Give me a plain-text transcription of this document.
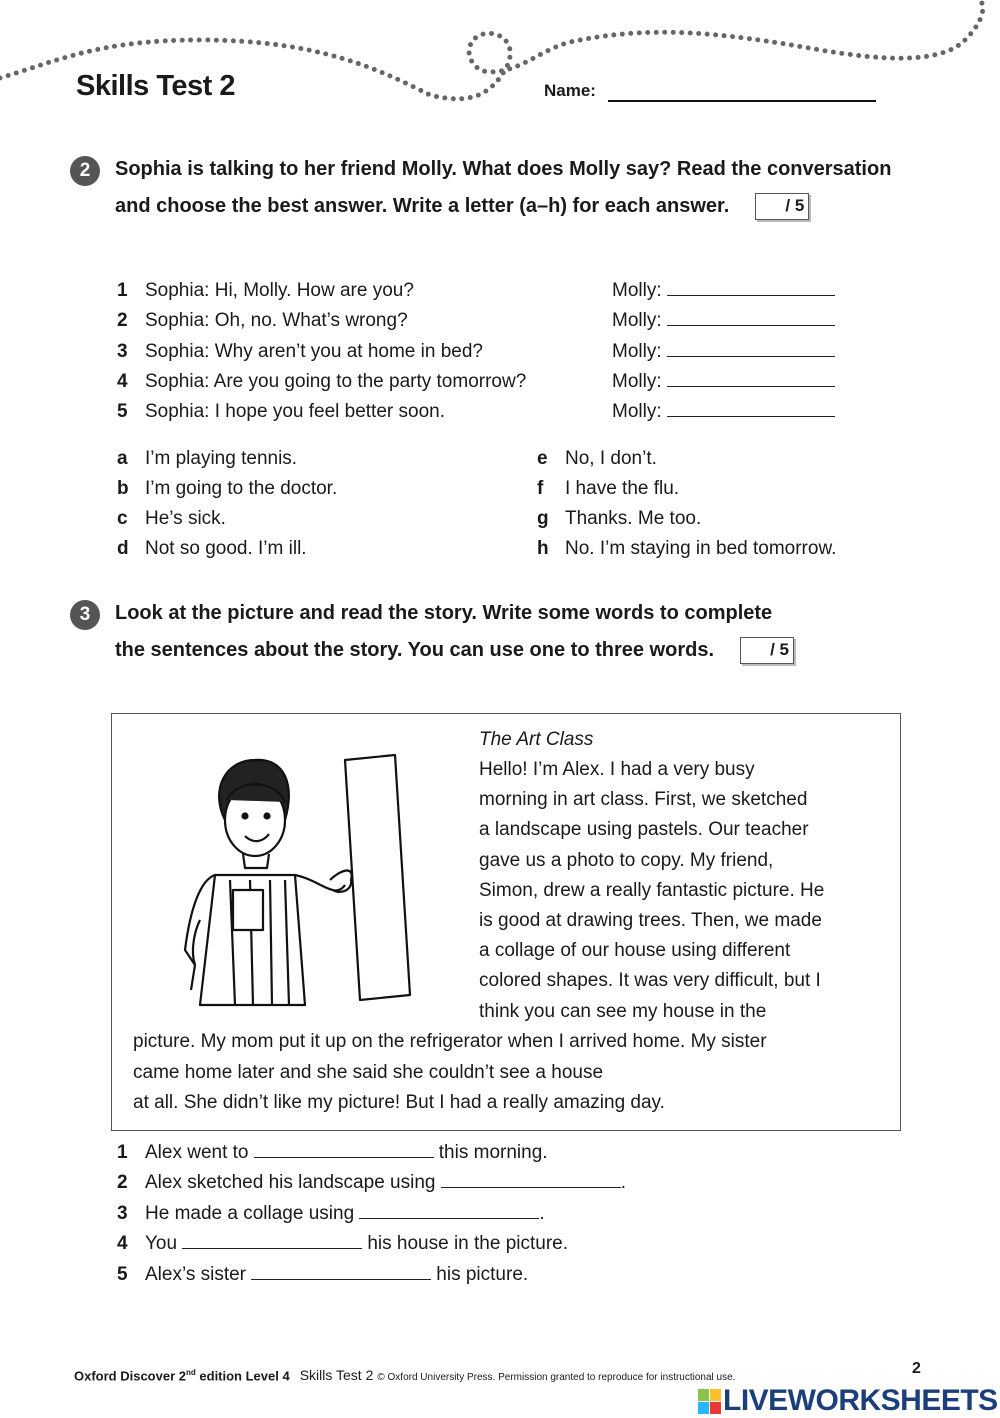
Skills Test 2	Name:
2	Sophia is talking to her friend Molly. What does Molly say? Read the conversation and choose the best answer. Write a letter (a–h) for each answer.	/ 5
3	Look at the picture and read the story. Write some words to complete the sentences about the story. You can use one to three words.	/ 5
The Art Class
Oxford Discover 2nd edition Level 4 Skills Test 2 © Oxford University Press. Permission granted to reproduce for instructional use.
2
LIVEWORKSHEETS
1 Sophia: Hi, Molly. How are you?	Molly:
2 Sophia: Oh, no. What’s wrong?	Molly:
3 Sophia: Why aren’t you at home in bed?	Molly:
4 Sophia: Are you going to the party tomorrow?	Molly:
5 Sophia: I hope you feel better soon.	Molly:
a I’m playing tennis.
b I’m going to the doctor.
c He’s sick.
d Not so good. I’m ill.
e No, I don’t.
f I have the flu.
g Thanks. Me too.
h No. I’m staying in bed tomorrow.
Hello! I’m Alex. I had a very busy
morning in art class. First, we sketched
a landscape using pastels. Our teacher
gave us a photo to copy. My friend,
Simon, drew a really fantastic picture. He
is good at drawing trees. Then, we made
a collage of our house using different
colored shapes. It was very difficult, but I
think you can see my house in the
picture. My mom put it up on the refrigerator when I arrived home. My sister
came home later and she said she couldn’t see a house
at all. She didn’t like my picture! But I had a really amazing day.
1 Alex went to	this morning.
2 Alex sketched his landscape using	.
3 He made a collage using	.
4 You	his house in the picture.
5 Alex’s sister	his picture.
